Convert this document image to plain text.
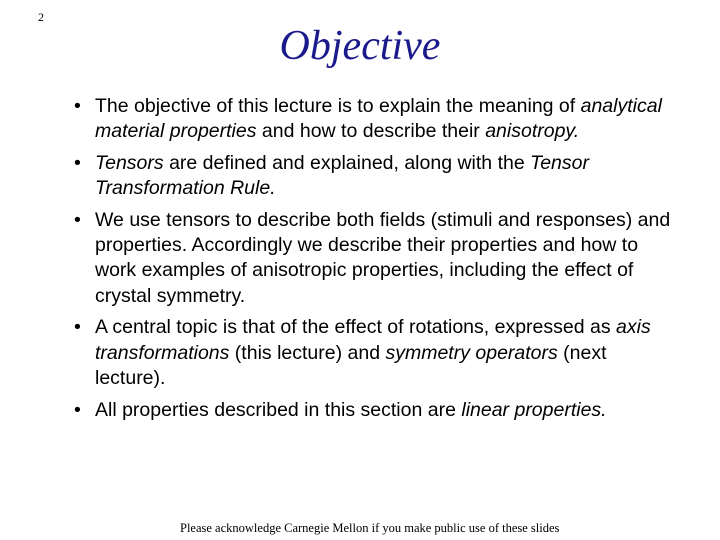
2
Objective
• The objective of this lecture is to explain the meaning of analytical material properties and how to describe their anisotropy.
• Tensors are defined and explained, along with the Tensor Transformation Rule.
• We use tensors to describe both fields (stimuli and responses) and properties. Accordingly we describe their properties and how to work examples of anisotropic properties, including the effect of crystal symmetry.
• A central topic is that of the effect of rotations, expressed as axis transformations (this lecture) and symmetry operators (next lecture).
• All properties described in this section are linear properties.
Please acknowledge Carnegie Mellon if you make public use of these slides
